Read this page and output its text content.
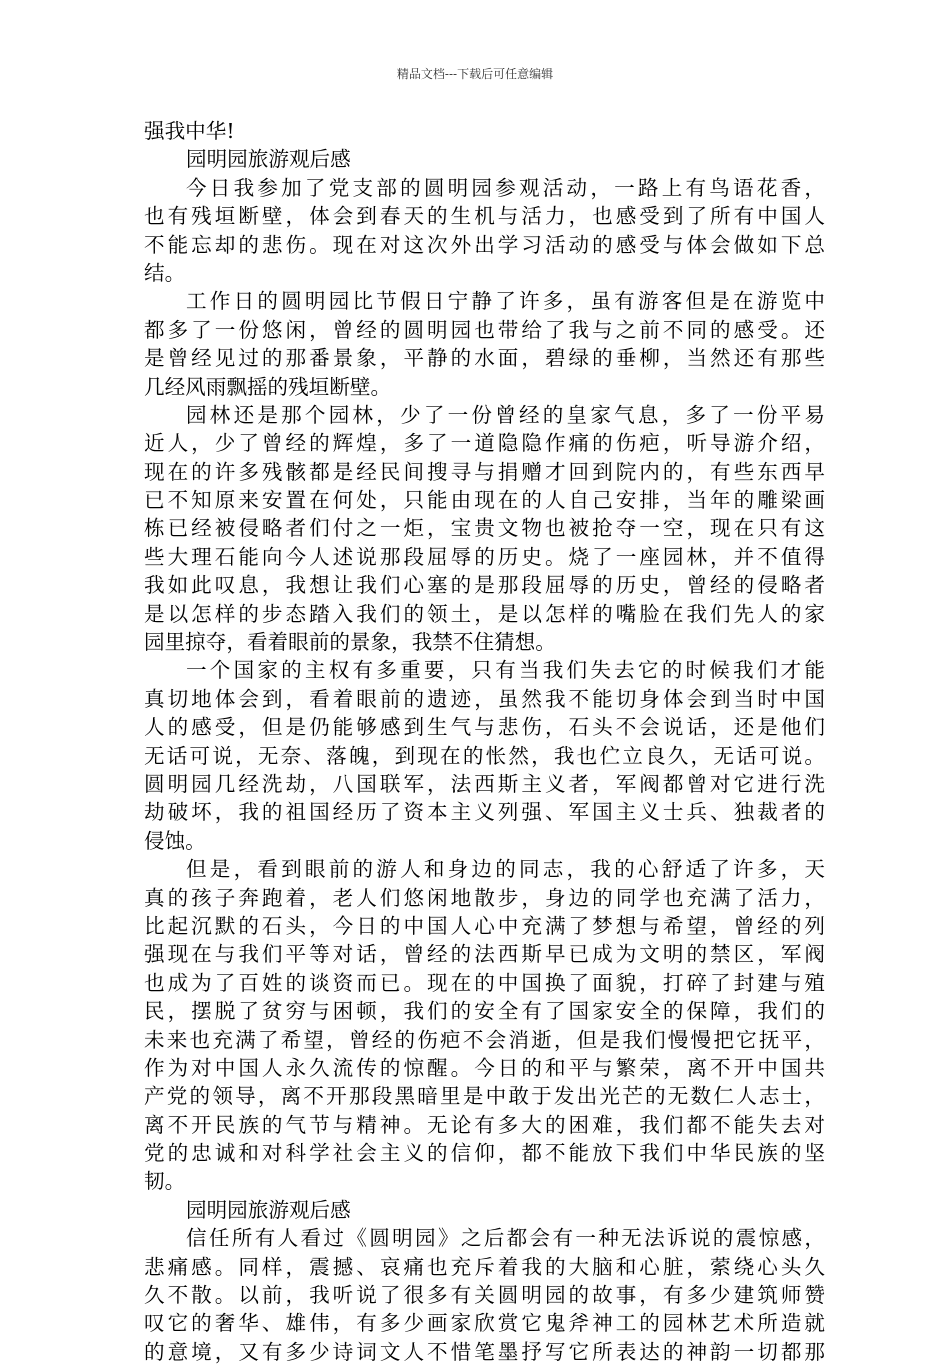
精品文档---下载后可任意编辑
强我中华!
园明园旅游观后感
今日我参加了党支部的圆明园参观活动，一路上有鸟语花香，
也有残垣断壁，体会到春天的生机与活力，也感受到了所有中国人
不能忘却的悲伤。现在对这次外出学习活动的感受与体会做如下总
结。
工作日的圆明园比节假日宁静了许多，虽有游客但是在游览中
都多了一份悠闲，曾经的圆明园也带给了我与之前不同的感受。还
是曾经见过的那番景象，平静的水面，碧绿的垂柳，当然还有那些
几经风雨飘摇的残垣断壁。
园林还是那个园林，少了一份曾经的皇家气息，多了一份平易
近人，少了曾经的辉煌，多了一道隐隐作痛的伤疤，听导游介绍，
现在的许多残骸都是经民间搜寻与捐赠才回到院内的，有些东西早
已不知原来安置在何处，只能由现在的人自己安排，当年的雕梁画
栋已经被侵略者们付之一炬，宝贵文物也被抢夺一空，现在只有这
些大理石能向今人述说那段屈辱的历史。烧了一座园林，并不值得
我如此叹息，我想让我们心塞的是那段屈辱的历史，曾经的侵略者
是以怎样的步态踏入我们的领土，是以怎样的嘴脸在我们先人的家
园里掠夺，看着眼前的景象，我禁不住猜想。
一个国家的主权有多重要，只有当我们失去它的时候我们才能
真切地体会到，看着眼前的遗迹，虽然我不能切身体会到当时中国
人的感受，但是仍能够感到生气与悲伤，石头不会说话，还是他们
无话可说，无奈、落魄，到现在的怅然，我也伫立良久，无话可说。
圆明园几经洗劫，八国联军，法西斯主义者，军阀都曾对它进行洗
劫破坏，我的祖国经历了资本主义列强、军国主义士兵、独裁者的
侵蚀。
但是，看到眼前的游人和身边的同志，我的心舒适了许多，天
真的孩子奔跑着，老人们悠闲地散步，身边的同学也充满了活力，
比起沉默的石头，今日的中国人心中充满了梦想与希望，曾经的列
强现在与我们平等对话，曾经的法西斯早已成为文明的禁区，军阀
也成为了百姓的谈资而已。现在的中国换了面貌，打碎了封建与殖
民，摆脱了贫穷与困顿，我们的安全有了国家安全的保障，我们的
未来也充满了希望，曾经的伤疤不会消逝，但是我们慢慢把它抚平，
作为对中国人永久流传的惊醒。今日的和平与繁荣，离不开中国共
产党的领导，离不开那段黑暗里是中敢于发出光芒的无数仁人志士，
离不开民族的气节与精神。无论有多大的困难，我们都不能失去对
党的忠诚和对科学社会主义的信仰，都不能放下我们中华民族的坚
韧。
园明园旅游观后感
信任所有人看过《圆明园》之后都会有一种无法诉说的震惊感，
悲痛感。同样，震撼、哀痛也充斥着我的大脑和心脏，萦绕心头久
久不散。以前，我听说了很多有关圆明园的故事，有多少建筑师赞
叹它的奢华、雄伟，有多少画家欣赏它鬼斧神工的园林艺术所造就
的意境，又有多少诗词文人不惜笔墨抒写它所表达的神韵一切都那
